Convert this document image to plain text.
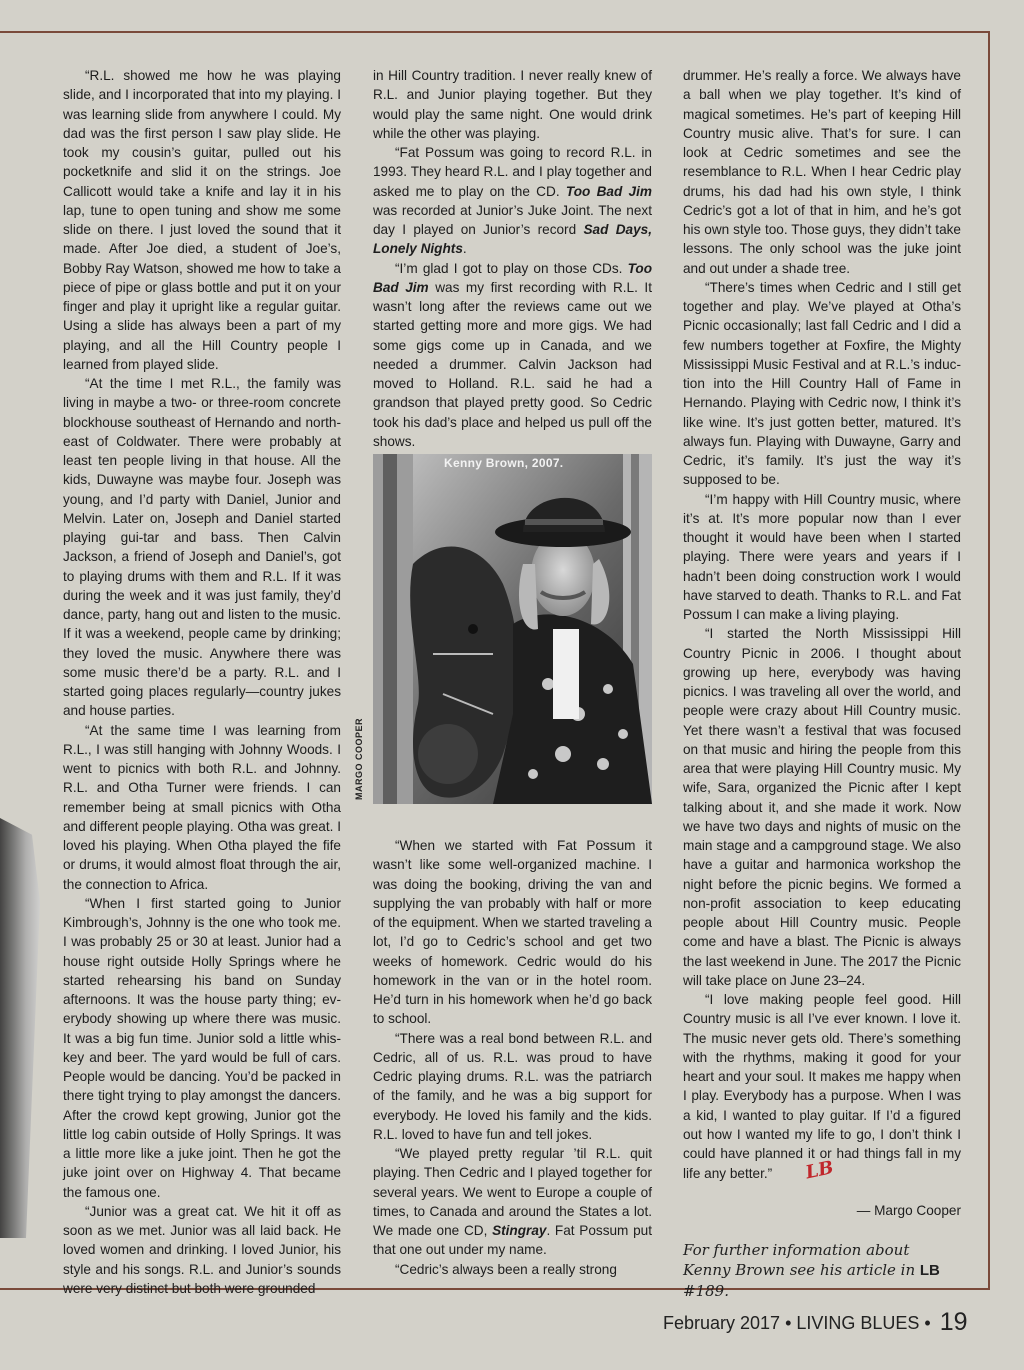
“R.L. showed me how he was playing slide, and I incorporated that into my playing. I was learning slide from anywhere I could. My dad was the first person I saw play slide. He took my cousin’s guitar, pulled out his pocketknife and slid it on the strings. Joe Callicott would take a knife and lay it in his lap, tune to open tuning and show me some slide on there. I just loved the sound that it made. After Joe died, a student of Joe’s, Bobby Ray Watson, showed me how to take a piece of pipe or glass bottle and put it on your finger and play it upright like a regular guitar. Using a slide has always been a part of my playing, and all the Hill Country people I learned from played slide.

“At the time I met R.L., the family was living in maybe a two- or three-room concrete blockhouse southeast of Hernando and north-east of Coldwater. There were probably at least ten people living in that house. All the kids, Duwayne was maybe four. Joseph was young, and I’d party with Daniel, Junior and Melvin. Later on, Joseph and Daniel started playing gui-tar and bass. Then Calvin Jackson, a friend of Joseph and Daniel’s, got to playing drums with them and R.L. If it was during the week and it was just family, they’d dance, party, hang out and listen to the music. If it was a weekend, people came by drinking; they loved the music. Anywhere there was some music there’d be a party. R.L. and I started going places regularly—country jukes and house parties.

“At the same time I was learning from R.L., I was still hanging with Johnny Woods. I went to picnics with both R.L. and Johnny. R.L. and Otha Turner were friends. I can remember being at small picnics with Otha and different people playing. Otha was great. I loved his playing. When Otha played the fife or drums, it would almost float through the air, the connection to Africa.

“When I first started going to Junior Kimbrough’s, Johnny is the one who took me. I was probably 25 or 30 at least. Junior had a house right outside Holly Springs where he started rehearsing his band on Sunday afternoons. It was the house party thing; ev-erybody showing up where there was music. It was a big fun time. Junior sold a little whis-key and beer. The yard would be full of cars. People would be dancing. You’d be packed in there tight trying to play amongst the dancers. After the crowd kept growing, Junior got the little log cabin outside of Holly Springs. It was a little more like a juke joint. Then he got the juke joint over on Highway 4. That became the famous one.

“Junior was a great cat. We hit it off as soon as we met. Junior was all laid back. He loved women and drinking. I loved Junior, his style and his songs. R.L. and Junior’s sounds were very distinct but both were grounded

in Hill Country tradition. I never really knew of R.L. and Junior playing together. But they would play the same night. One would drink while the other was playing.

“Fat Possum was going to record R.L. in 1993. They heard R.L. and I play together and asked me to play on the CD. Too Bad Jim was recorded at Junior’s Juke Joint. The next day I played on Junior’s record Sad Days, Lonely Nights.

“I’m glad I got to play on those CDs. Too Bad Jim was my first recording with R.L. It wasn’t long after the reviews came out we started getting more and more gigs. We had some gigs come up in Canada, and we needed a drummer. Calvin Jackson had moved to Holland. R.L. said he had a grandson that played pretty good. So Cedric took his dad’s place and helped us pull off the shows.

Kenny Brown, 2007.
MARGO COOPER

“When we started with Fat Possum it wasn’t like some well-organized machine. I was doing the booking, driving the van and supplying the van probably with half or more of the equipment. When we started traveling a lot, I’d go to Cedric’s school and get two weeks of homework. Cedric would do his homework in the van or in the hotel room. He’d turn in his homework when he’d go back to school.

“There was a real bond between R.L. and Cedric, all of us. R.L. was proud to have Cedric playing drums. R.L. was the patriarch of the family, and he was a big support for everybody. He loved his family and the kids. R.L. loved to have fun and tell jokes.

“We played pretty regular ’til R.L. quit playing. Then Cedric and I played together for several years. We went to Europe a couple of times, to Canada and around the States a lot. We made one CD, Stingray. Fat Possum put that one out under my name.

“Cedric’s always been a really strong

drummer. He’s really a force. We always have a ball when we play together. It’s kind of magical sometimes. He’s part of keeping Hill Country music alive. That’s for sure. I can look at Cedric sometimes and see the resemblance to R.L. When I hear Cedric play drums, his dad had his own style, I think Cedric’s got a lot of that in him, and he’s got his own style too. Those guys, they didn’t take lessons. The only school was the juke joint and out under a shade tree.

“There’s times when Cedric and I still get together and play. We’ve played at Otha’s Picnic occasionally; last fall Cedric and I did a few numbers together at Foxfire, the Mighty Mississippi Music Festival and at R.L.’s induc-tion into the Hill Country Hall of Fame in Hernando. Playing with Cedric now, I think it’s like wine. It’s just gotten better, matured. It’s always fun. Playing with Duwayne, Garry and Cedric, it’s family. It’s just the way it’s supposed to be.

“I’m happy with Hill Country music, where it’s at. It’s more popular now than I ever thought it would have been when I started playing. There were years and years if I hadn’t been doing construction work I would have starved to death. Thanks to R.L. and Fat Possum I can make a living playing.

“I started the North Mississippi Hill Country Picnic in 2006. I thought about growing up here, everybody was having picnics. I was traveling all over the world, and people were crazy about Hill Country music. Yet there wasn’t a festival that was focused on that music and hiring the people from this area that were playing Hill Country music. My wife, Sara, organized the Picnic after I kept talking about it, and she made it work. Now we have two days and nights of music on the main stage and a campground stage. We also have a guitar and harmonica workshop the night before the picnic begins. We formed a non-profit association to keep educating people about Hill Country music. People come and have a blast. The Picnic is always the last weekend in June. The 2017 the Picnic will take place on June 23–24.

“I love making people feel good. Hill Country music is all I’ve ever known. I love it. The music never gets old. There’s something with the rhythms, making it good for your heart and your soul. It makes me happy when I play. Everybody has a purpose. When I was a kid, I wanted to play guitar. If I’d a figured out how I wanted my life to go, I don’t think I could have planned it or had things fall in my life any better.” LB

— Margo Cooper
For further information about Kenny Brown see his article in LB #189.
February 2017 • LIVING BLUES • 19
